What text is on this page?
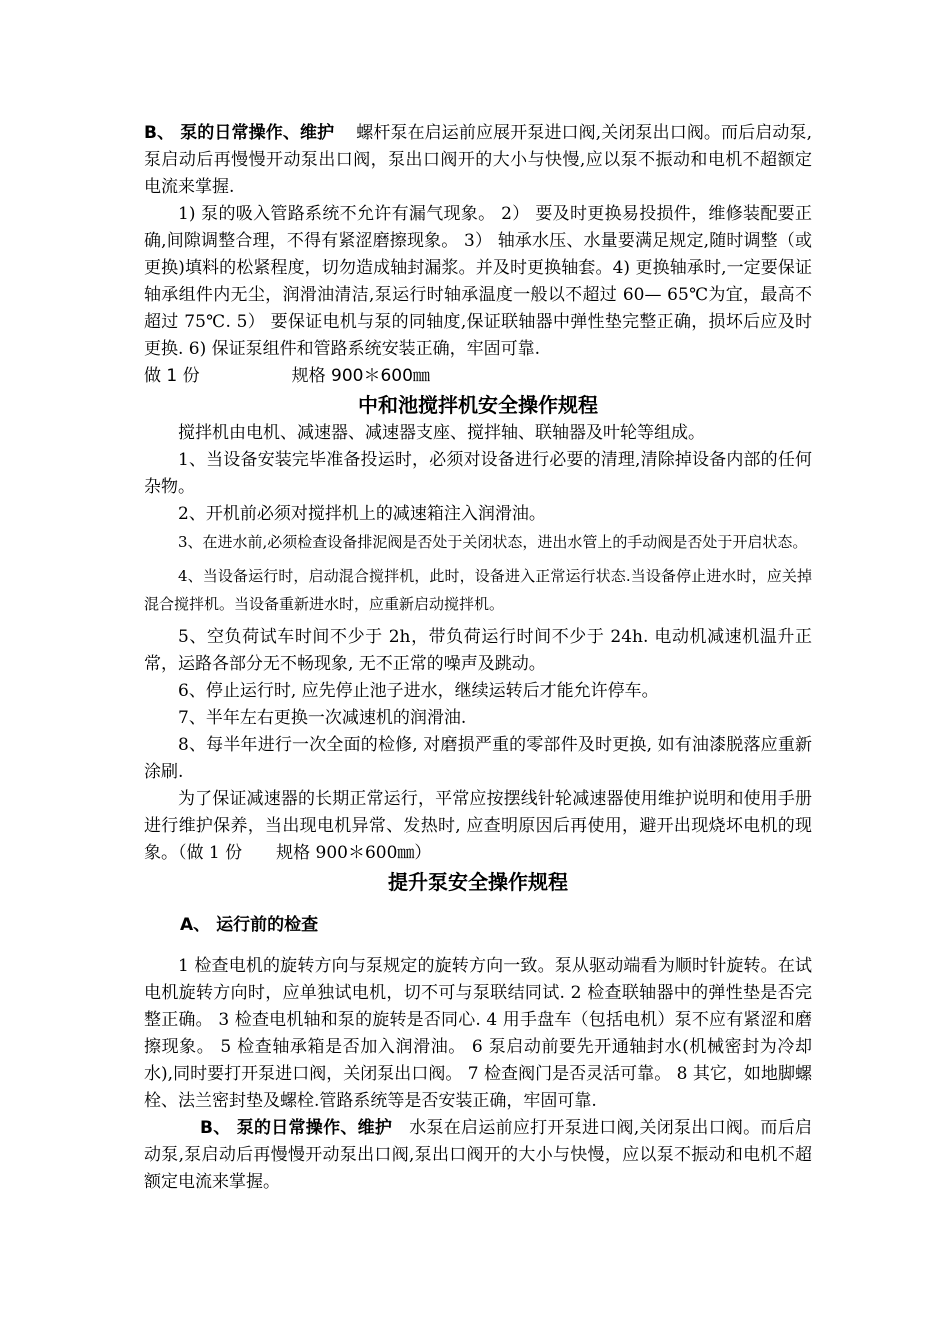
B、 泵的日常操作、维护 螺杆泵在启运前应展开泵进口阀,关闭泵出口阀。而后启动泵,泵启动后再慢慢开动泵出口阀，泵出口阀开的大小与快慢,应以泵不振动和电机不超额定电流来掌握.

1) 泵的吸入管路系统不允许有漏气现象。 2） 要及时更换易投损件，维修装配要正确,间隙调整合理，不得有紧涩磨擦现象。 3） 轴承水压、水量要满足规定,随时调整（或更换)填料的松紧程度，切勿造成轴封漏浆。并及时更换轴套。4) 更换轴承时,一定要保证轴承组件内无尘，润滑油清洁,泵运行时轴承温度一般以不超过 60— 65℃为宜，最高不超过 75℃. 5） 要保证电机与泵的同轴度,保证联轴器中弹性垫完整正确，损坏后应及时更换. 6) 保证泵组件和管路系统安装正确，牢固可靠.

做 1 份	规格 900＊600㎜

中和池搅拌机安全操作规程

搅拌机由电机、减速器、减速器支座、搅拌轴、联轴器及叶轮等组成。

1、当设备安装完毕准备投运时，必须对设备进行必要的清理,清除掉设备内部的任何杂物。

2、开机前必须对搅拌机上的减速箱注入润滑油。

3、在进水前,必须检查设备排泥阀是否处于关闭状态，进出水管上的手动阀是否处于开启状态。

4、当设备运行时，启动混合搅拌机，此时，设备进入正常运行状态.当设备停止进水时，应关掉混合搅拌机。当设备重新进水时，应重新启动搅拌机。

5、空负荷试车时间不少于 2h，带负荷运行时间不少于 24h. 电动机减速机温升正常，运路各部分无不畅现象, 无不正常的噪声及跳动。

6、停止运行时, 应先停止池子进水，继续运转后才能允许停车。

7、半年左右更换一次减速机的润滑油.

8、每半年进行一次全面的检修, 对磨损严重的零部件及时更换, 如有油漆脱落应重新涂刷.

为了保证减速器的长期正常运行，平常应按摆线针轮减速器使用维护说明和使用手册进行维护保养，当出现电机异常、发热时, 应查明原因后再使用，避开出现烧坏电机的现象。（做 1 份　　规格 900＊600㎜）

提升泵安全操作规程

A、 运行前的检查

1 检查电机的旋转方向与泵规定的旋转方向一致。泵从驱动端看为顺时针旋转。在试电机旋转方向时，应单独试电机，切不可与泵联结同试. 2 检查联轴器中的弹性垫是否完整正确。 3 检查电机轴和泵的旋转是否同心. 4 用手盘车（包括电机）泵不应有紧涩和磨擦现象。 5 检查轴承箱是否加入润滑油。 6 泵启动前要先开通轴封水(机械密封为冷却水),同时要打开泵进口阀，关闭泵出口阀。 7 检查阀门是否灵活可靠。 8 其它，如地脚螺栓、法兰密封垫及螺栓.管路系统等是否安装正确，牢固可靠.

B、 泵的日常操作、维护 水泵在启运前应打开泵进口阀,关闭泵出口阀。而后启动泵,泵启动后再慢慢开动泵出口阀,泵出口阀开的大小与快慢，应以泵不振动和电机不超额定电流来掌握。
